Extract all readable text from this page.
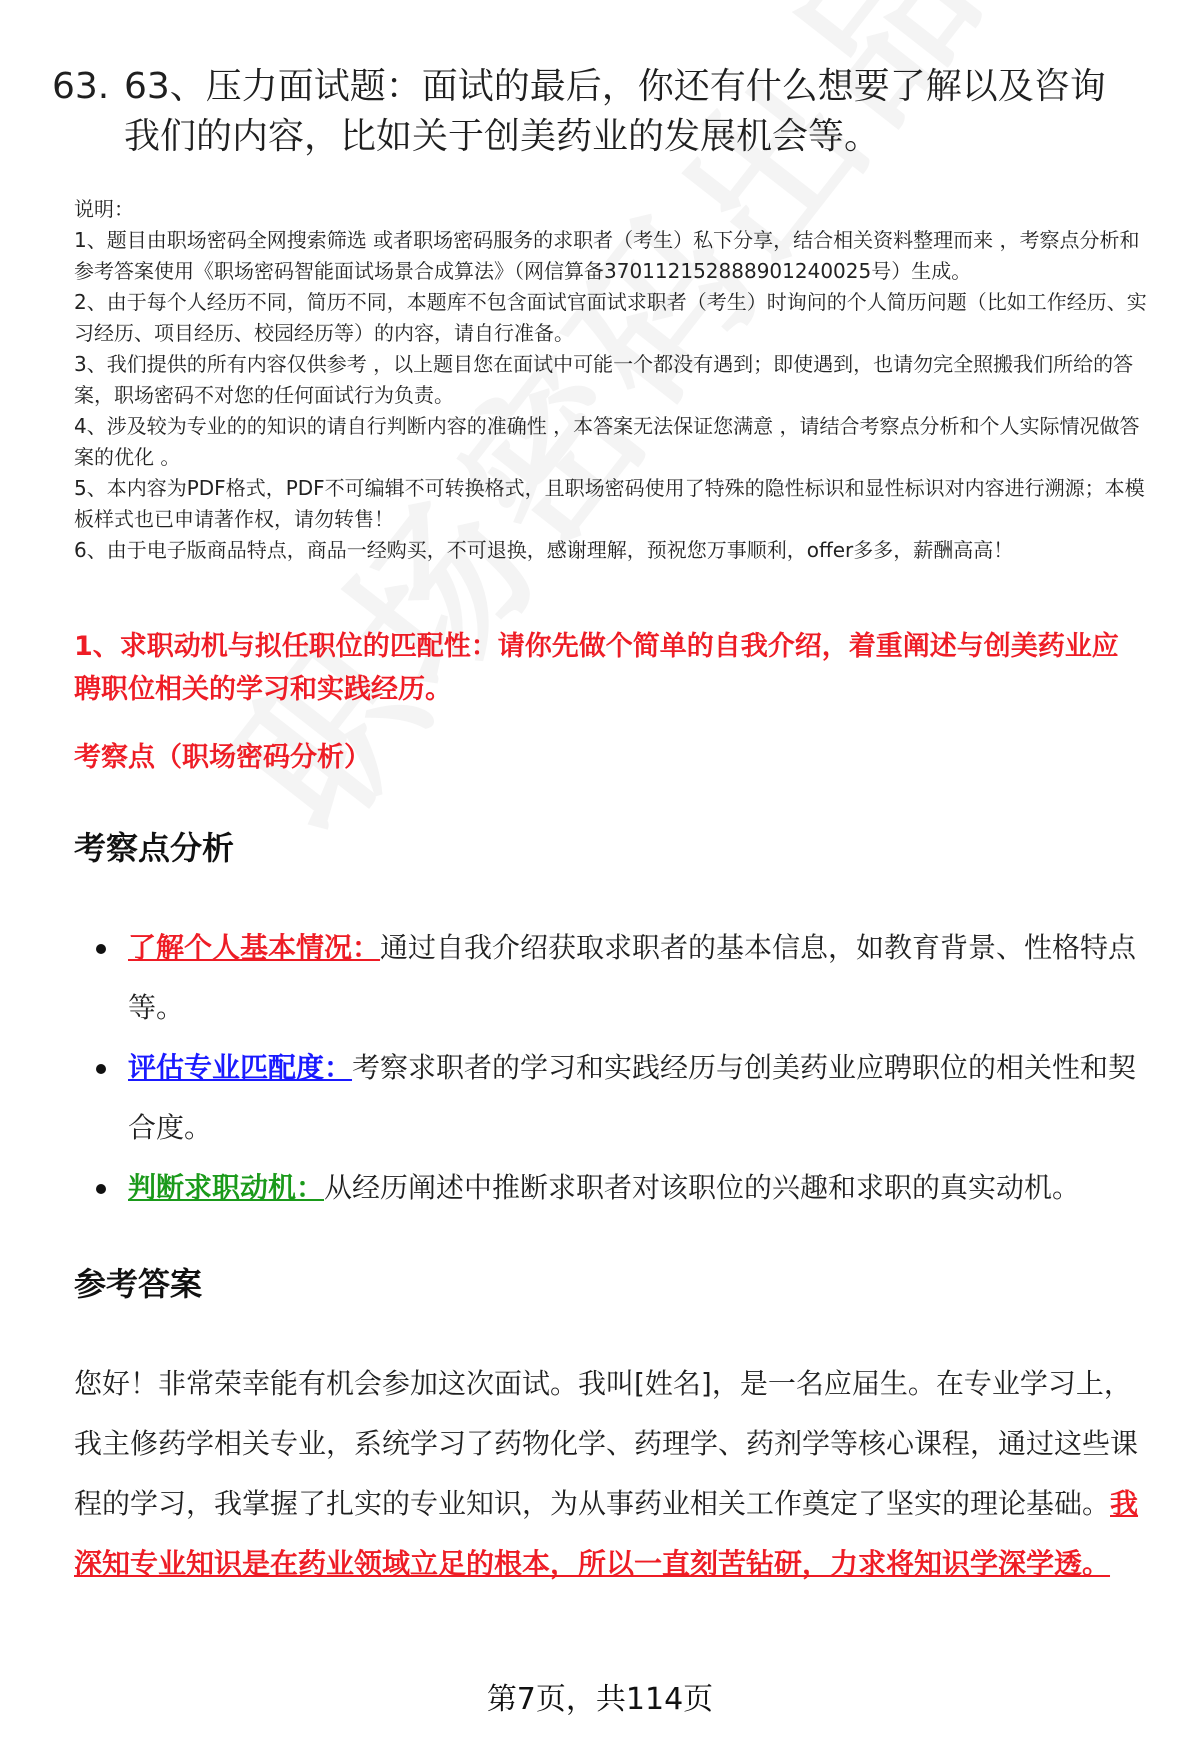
63. 63、压力面试题：面试的最后，你还有什么想要了解以及咨询我们的内容，比如关于创美药业的发展机会等。

说明：

1、题目由职场密码全网搜索筛选 或者职场密码服务的求职者（考生）私下分享，结合相关资料整理而来 ，考察点分析和参考答案使用《职场密码智能面试场景合成算法》（网信算备370112152888901240025号）生成。

2、由于每个人经历不同，简历不同，本题库不包含面试官面试求职者（考生）时询问的个人简历问题（比如工作经历、实习经历、项目经历、校园经历等）的内容，请自行准备。

3、我们提供的所有内容仅供参考 ，以上题目您在面试中可能一个都没有遇到；即使遇到，也请勿完全照搬我们所给的答案，职场密码不对您的任何面试行为负责。

4、涉及较为专业的的知识的请自行判断内容的准确性 ，本答案无法保证您满意 ，请结合考察点分析和个人实际情况做答案的优化 。

5、本内容为PDF格式，PDF不可编辑不可转换格式，且职场密码使用了特殊的隐性标识和显性标识对内容进行溯源；本模板样式也已申请著作权，请勿转售！

6、由于电子版商品特点，商品一经购买，不可退换，感谢理解，预祝您万事顺利，offer多多，薪酬高高！

1、求职动机与拟任职位的匹配性：请你先做个简单的自我介绍，着重阐述与创美药业应聘职位相关的学习和实践经历。
考察点（职场密码分析）
考察点分析
了解个人基本情况：通过自我介绍获取求职者的基本信息，如教育背景、性格特点等。
评估专业匹配度：考察求职者的学习和实践经历与创美药业应聘职位的相关性和契合度。
判断求职动机：从经历阐述中推断求职者对该职位的兴趣和求职的真实动机。
参考答案

您好！非常荣幸能有机会参加这次面试。我叫[姓名]，是一名应届生。在专业学习上，我主修药学相关专业，系统学习了药物化学、药理学、药剂学等核心课程，通过这些课程的学习，我掌握了扎实的专业知识，为从事药业相关工作奠定了坚实的理论基础。我深知专业知识是在药业领域立足的根本，所以一直刻苦钻研，力求将知识学深学透。

第7页，共114页
